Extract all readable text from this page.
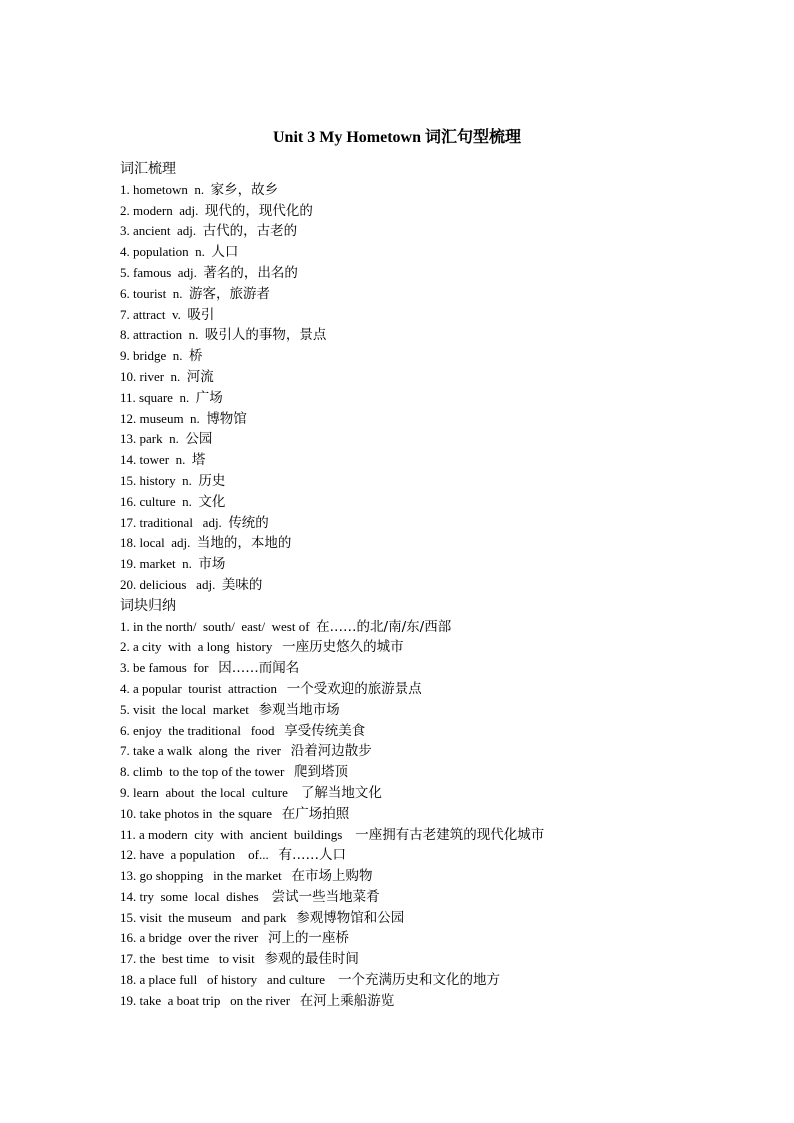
Unit 3 My Hometown 词汇句型梳理
词汇梳理
1. hometown  n.  家乡，故乡
2. modern  adj.  现代的，现代化的
3. ancient  adj.  古代的，古老的
4. population  n.  人口
5. famous  adj.  著名的，出名的
6. tourist  n.  游客，旅游者
7. attract  v.  吸引
8. attraction  n.  吸引人的事物，景点
9. bridge  n.  桥
10. river  n.  河流
11. square  n.  广场
12. museum  n.  博物馆
13. park  n.  公园
14. tower  n.  塔
15. history  n.  历史
16. culture  n.  文化
17. traditional   adj.  传统的
18. local  adj.  当地的，本地的
19. market  n.  市场
20. delicious   adj.  美味的
词块归纳
1. in the north/  south/  east/  west of  在……的北/南/东/西部
2. a city  with  a long  history   一座历史悠久的城市
3. be famous  for   因……而闻名
4. a popular  tourist  attraction   一个受欢迎的旅游景点
5. visit  the local  market   参观当地市场
6. enjoy  the traditional   food   享受传统美食
7. take a walk  along  the  river   沿着河边散步
8. climb  to the top of the tower   爬到塔顶
9. learn  about  the local  culture    了解当地文化
10. take photos in  the square   在广场拍照
11. a modern  city  with  ancient  buildings    一座拥有古老建筑的现代化城市
12. have  a population    of...   有……人口
13. go shopping   in the market   在市场上购物
14. try  some  local  dishes    尝试一些当地菜肴
15. visit  the museum   and park   参观博物馆和公园
16. a bridge  over the river   河上的一座桥
17. the  best time   to visit   参观的最佳时间
18. a place full   of history   and culture    一个充满历史和文化的地方
19. take  a boat trip   on the river   在河上乘船游览
